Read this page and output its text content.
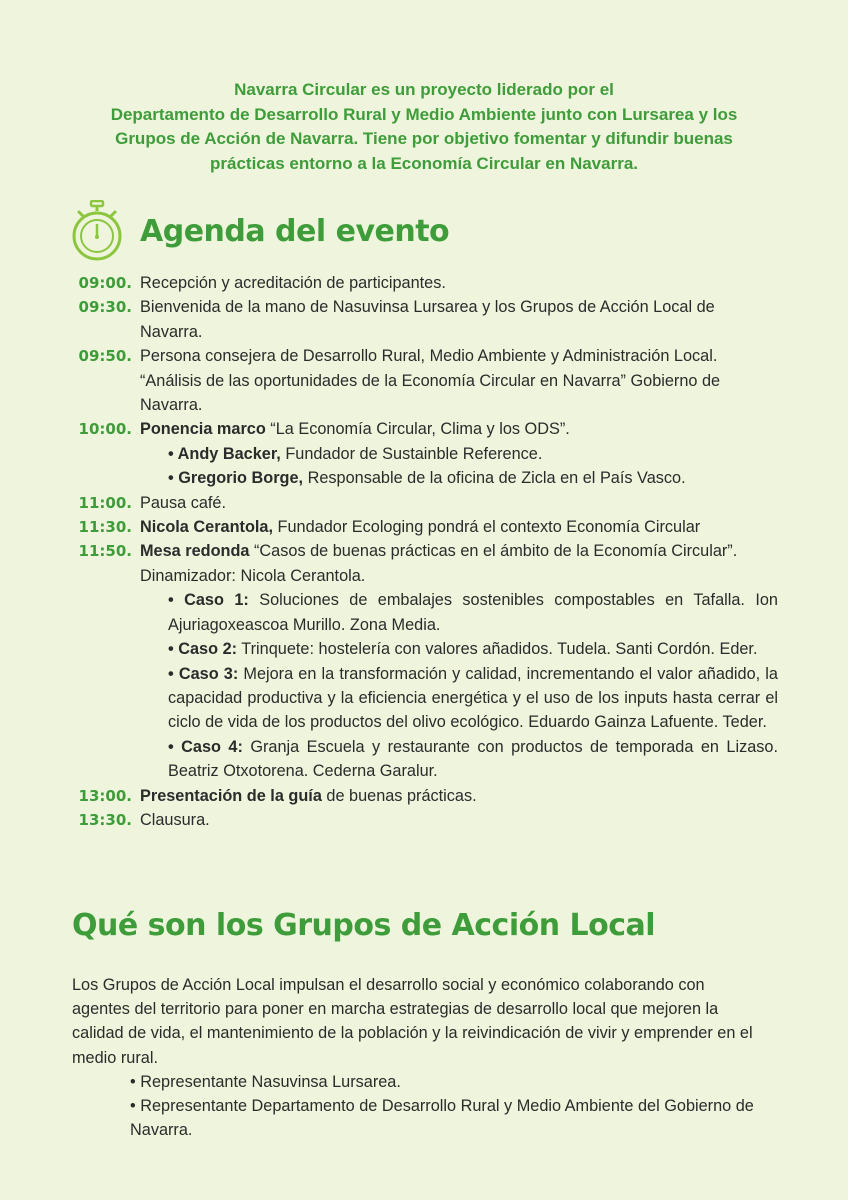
Navarra Circular es un proyecto liderado por el
Departamento de Desarrollo Rural y Medio Ambiente junto con Lursarea y los
Grupos de Acción de Navarra. Tiene por objetivo fomentar y difundir buenas
prácticas entorno a la Economía Circular en Navarra.
Agenda del evento
09:00. Recepción y acreditación de participantes.
09:30. Bienvenida de la mano de Nasuvinsa Lursarea y los Grupos de Acción Local de Navarra.
09:50. Persona consejera de Desarrollo Rural, Medio Ambiente y Administración Local. “Análisis de las oportunidades de la Economía Circular en Navarra” Gobierno de Navarra.
10:00. Ponencia marco “La Economía Circular, Clima y los ODS”.
• Andy Backer, Fundador de Sustainble Reference.
• Gregorio Borge, Responsable de la oficina de Zicla en el País Vasco.
11:00. Pausa café.
11:30. Nicola Cerantola, Fundador Ecologing pondrá el contexto Economía Circular
11:50. Mesa redonda “Casos de buenas prácticas en el ámbito de la Economía Circular”. Dinamizador: Nicola Cerantola.
• Caso 1: Soluciones de embalajes sostenibles compostables en Tafalla. Ion Ajuriagoxeascoa Murillo. Zona Media.
• Caso 2: Trinquete: hostelería con valores añadidos. Tudela. Santi Cordón. Eder.
• Caso 3: Mejora en la transformación y calidad, incrementando el valor añadido, la capacidad productiva y la eficiencia energética y el uso de los inputs hasta cerrar el ciclo de vida de los productos del olivo ecológico. Eduardo Gainza Lafuente. Teder.
• Caso 4: Granja Escuela y restaurante con productos de temporada en Lizaso. Beatriz Otxotorena. Cederna Garalur.
13:00. Presentación de la guía de buenas prácticas.
13:30. Clausura.
Qué son los Grupos de Acción Local
Los Grupos de Acción Local impulsan el desarrollo social y económico colaborando con agentes del territorio para poner en marcha estrategias de desarrollo local que mejoren la calidad de vida, el mantenimiento de la población y la reivindicación de vivir y emprender en el medio rural.
• Representante Nasuvinsa Lursarea.
• Representante Departamento de Desarrollo Rural y Medio Ambiente del Gobierno de Navarra.
